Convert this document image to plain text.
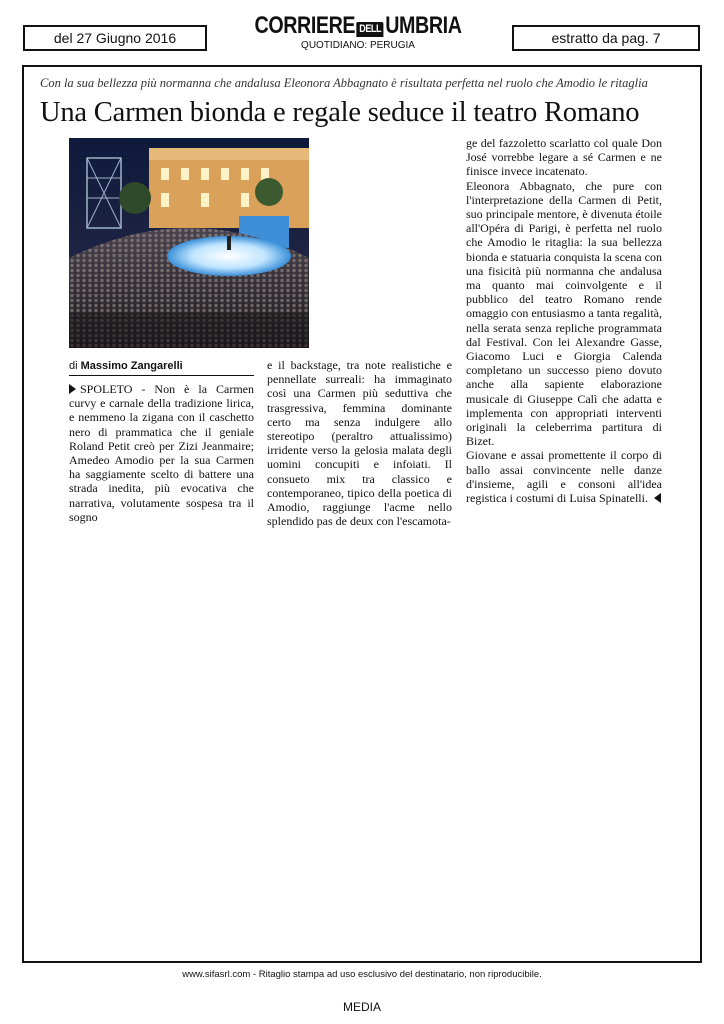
del 27 Giugno 2016	CORRIERE DELL UMBRIA
QUOTIDIANO: PERUGIA	estratto da pag. 7
Con la sua bellezza più normanna che andalusa Eleonora Abbagnato è risultata perfetta nel ruolo che Amodio le ritaglia
Una Carmen bionda e regale seduce il teatro Romano
di Massimo Zangarelli

SPOLETO - Non è la Carmen curvy e carnale della tradizione lirica, e nemmeno la zigana con il caschetto nero di prammatica che il geniale Roland Petit creò per Zizi Jeanmaire; Amedeo Amodio per la sua Carmen ha saggiamente scelto di battere una strada inedita, più evocativa che narrativa, volutamente sospesa tra il sogno

e il backstage, tra note realistiche e pennellate surreali: ha immaginato così una Carmen più seduttiva che trasgressiva, femmina dominante certo ma senza indulgere allo stereotipo (peraltro attualissimo) irridente verso la gelosia malata degli uomini concupiti e infoiati. Il consueto mix tra classico e contemporaneo, tipico della poetica di Amodio, raggiunge l'acme nello splendido pas de deux con l'escamota-

ge del fazzoletto scarlatto col quale Don José vorrebbe legare a sé Carmen e ne finisce invece incatenato.

Eleonora Abbagnato, che pure con l'interpretazione della Carmen di Petit, suo principale mentore, è divenuta étoile all'Opéra di Parigi, è perfetta nel ruolo che Amodio le ritaglia: la sua bellezza bionda e statuaria conquista la scena con una fisicità più normanna che andalusa ma quanto mai coinvolgente e il pubblico del teatro Romano rende omaggio con entusiasmo a tanta regalità, nella serata senza repliche programmata dal Festival. Con lei Alexandre Gasse, Giacomo Luci e Giorgia Calenda completano un successo pieno dovuto anche alla sapiente elaborazione musicale di Giuseppe Calì che adatta e implementa con appropriati interventi originali la celeberrima partitura di Bizet.

Giovane e assai promettente il corpo di ballo assai convincente nelle danze d'insieme, agili e consoni all'idea registica i costumi di Luisa Spinatelli.

www.sifasrl.com - Ritaglio stampa ad uso esclusivo del destinatario, non riproducibile.
MEDIA
